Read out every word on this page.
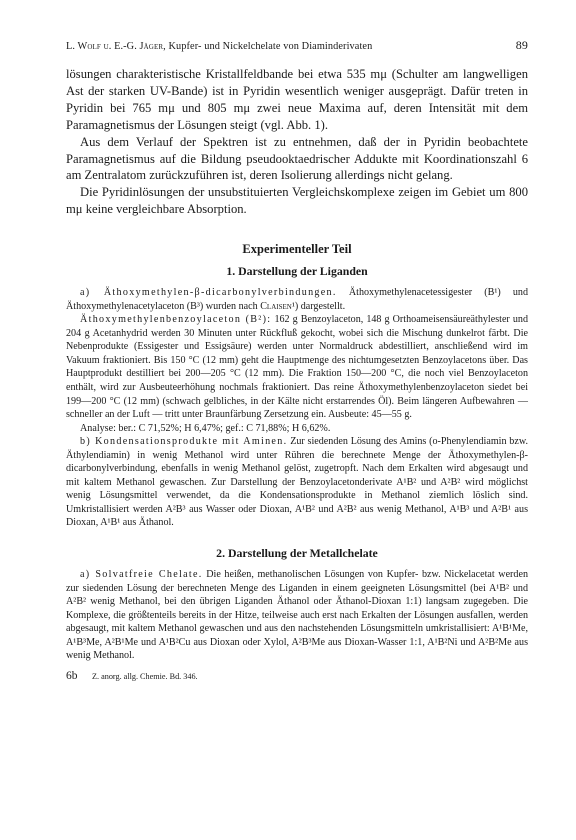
L. Wolf u. E.-G. Jäger, Kupfer- und Nickelchelate von Diaminderivaten	89

lösungen charakteristische Kristallfeldbande bei etwa 535 mμ (Schulter am langwelligen Ast der starken UV-Bande) ist in Pyridin wesentlich weniger ausgeprägt. Dafür treten in Pyridin bei 765 mμ und 805 mμ zwei neue Maxima auf, deren Intensität mit dem Paramagnetismus der Lösungen steigt (vgl. Abb. 1).

Aus dem Verlauf der Spektren ist zu entnehmen, daß der in Pyridin beobachtete Paramagnetismus auf die Bildung pseudooktaedrischer Addukte mit Koordinationszahl 6 am Zentralatom zurückzuführen ist, deren Isolierung allerdings nicht gelang.

Die Pyridinlösungen der unsubstituierten Vergleichskomplexe zeigen im Gebiet um 800 mμ keine vergleichbare Absorption.

Experimenteller Teil
1. Darstellung der Liganden

a) Äthoxymethylen-β-dicarbonylverbindungen. Äthoxymethylenacetessigester (B¹) und Äthoxymethylenacetylaceton (B³) wurden nach Claisen¹) dargestellt.

Äthoxymethylenbenzoylaceton (B²): 162 g Benzoylaceton, 148 g Orthoameisensäureäthylester und 204 g Acetanhydrid werden 30 Minuten unter Rückfluß gekocht, wobei sich die Mischung dunkelrot färbt. Die Nebenprodukte (Essigester und Essigsäure) werden unter Normaldruck abdestilliert, anschließend wird im Vakuum fraktioniert. Bis 150 °C (12 mm) geht die Hauptmenge des nichtumgesetzten Benzoylacetons über. Das Hauptprodukt destilliert bei 200—205 °C (12 mm). Die Fraktion 150—200 °C, die noch viel Benzoylaceton enthält, wird zur Ausbeuteerhöhung nochmals fraktioniert. Das reine Äthoxymethylenbenzoylaceton siedet bei 199—200 °C (12 mm) (schwach gelbliches, in der Kälte nicht erstarrendes Öl). Beim längeren Aufbewahren — schneller an der Luft — tritt unter Braunfärbung Zersetzung ein. Ausbeute: 45—55 g.

Analyse: ber.: C 71,52%; H 6,47%; gef.: C 71,88%; H 6,62%.

b) Kondensationsprodukte mit Aminen. Zur siedenden Lösung des Amins (o-Phenylendiamin bzw. Äthylendiamin) in wenig Methanol wird unter Rühren die berechnete Menge der Äthoxymethylen-β-dicarbonylverbindung, ebenfalls in wenig Methanol gelöst, zugetropft. Nach dem Erkalten wird abgesaugt und mit kaltem Methanol gewaschen. Zur Darstellung der Benzoylacetonderivate A¹B² und A²B² wird möglichst wenig Lösungsmittel verwendet, da die Kondensationsprodukte in Methanol ziemlich löslich sind. Umkristallisiert werden A²B³ aus Wasser oder Dioxan, A¹B² und A²B² aus wenig Methanol, A¹B³ und A²B¹ aus Dioxan, A¹B¹ aus Äthanol.

2. Darstellung der Metallchelate

a) Solvatfreie Chelate. Die heißen, methanolischen Lösungen von Kupfer- bzw. Nickelacetat werden zur siedenden Lösung der berechneten Menge des Liganden in einem geeigneten Lösungsmittel (bei A¹B² und A²B² wenig Methanol, bei den übrigen Liganden Äthanol oder Äthanol-Dioxan 1:1) langsam zugegeben. Die Komplexe, die größtenteils bereits in der Hitze, teilweise auch erst nach Erkalten der Lösungen ausfallen, werden abgesaugt, mit kaltem Methanol gewaschen und aus den nachstehenden Lösungsmitteln umkristallisiert: A¹B¹Me, A¹B³Me, A²B¹Me und A¹B²Cu aus Dioxan oder Xylol, A²B³Me aus Dioxan-Wasser 1:1, A¹B²Ni und A²B²Me aus wenig Methanol.

6b	Z. anorg. allg. Chemie. Bd. 346.
